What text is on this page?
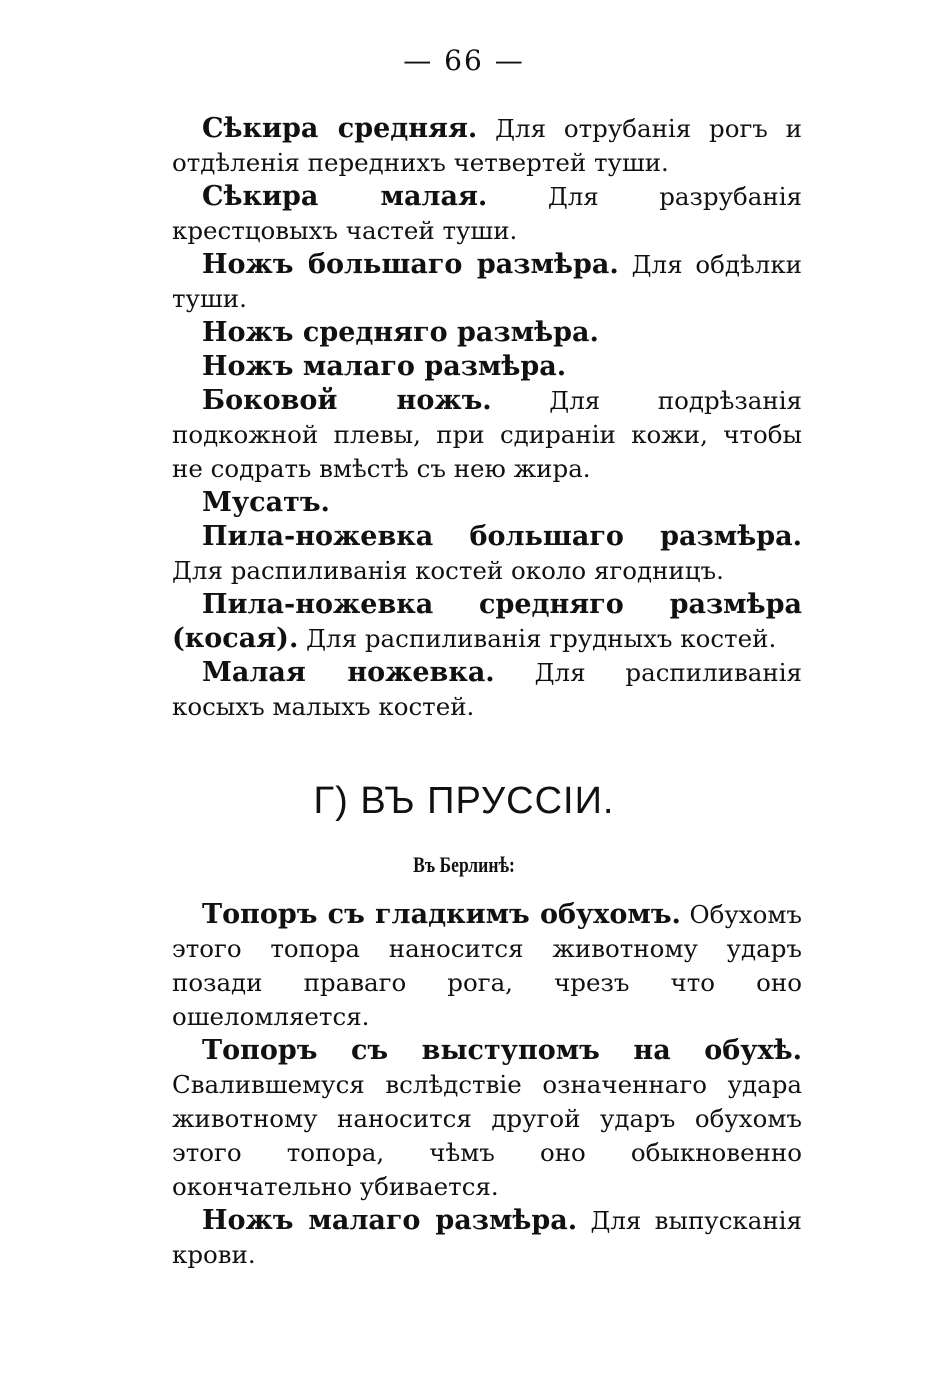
— 66 —

Сѣкира средняя. Для отрубанія рогъ и отдѣленія переднихъ четвертей туши.

Сѣкира малая. Для разрубанія крестцовыхъ частей туши.

Ножъ большаго размѣра. Для обдѣлки туши.

Ножъ средняго размѣра.

Ножъ малаго размѣра.

Боковой ножъ. Для подрѣзанія подкожной плевы, при сдираніи кожи, чтобы не содрать вмѣстѣ съ нею жира.

Мусатъ.

Пила-ножевка большаго размѣра. Для распиливанія костей около ягодницъ.

Пила-ножевка средняго размѣра (косая). Для распиливанія грудныхъ костей.

Малая ножевка. Для распиливанія косыхъ малыхъ костей.

Г) ВЪ ПРУССІИ.
Въ Берлинѣ:

Топоръ съ гладкимъ обухомъ. Обухомъ этого топора наносится животному ударъ позади праваго рога, чрезъ что оно ошеломляется.

Топоръ съ выступомъ на обухѣ. Свалившемуся вслѣдствіе означеннаго удара животному наносится другой ударъ обухомъ этого топора, чѣмъ оно обыкновенно окончательно убивается.

Ножъ малаго размѣра. Для выпусканія крови.
